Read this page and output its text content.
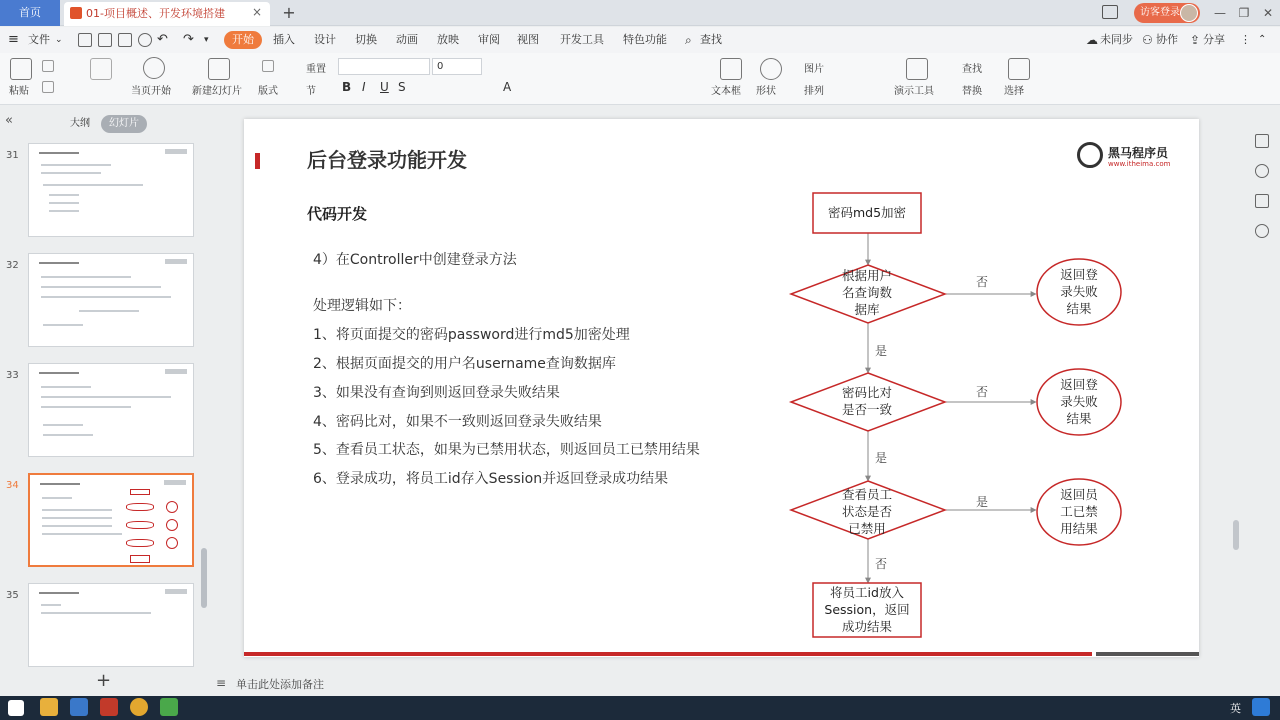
首页	01-项目概述、开发环境搭建	× +	访客登录	—	❐	✕
≡ 文件 ⌄	↶ ↷ ▾	开始	插入 设计 切换 动画 放映 审阅 视图 开发工具 特色功能 ⌕ 查找	☁ 未同步 ⚇ 协作 ⇪ 分享 ⋮ ⌃
粘贴	当页开始 新建幻灯片 版式
重置
节
0
B I U S	A	文本框 形状
图片
排列	演示工具
查找
替换 选择
«	大纲	幻灯片
31
32
33
34
35
后台登录功能开发	黑马程序员
www.itheima.com
代码开发
4）在Controller中创建登录方法
处理逻辑如下：
1、将页面提交的密码password进行md5加密处理
2、根据页面提交的用户名username查询数据库
3、如果没有查询到则返回登录失败结果
4、密码比对，如果不一致则返回登录失败结果
5、查看员工状态，如果为已禁用状态，则返回员工已禁用结果
6、登录成功，将员工id存入Session并返回登录成功结果
密码md5加密
根据用户
名查询数
据库
密码比对
是否一致
查看员工
状态是否
已禁用
返回登
录失败
结果
返回登
录失败
结果
返回员
工已禁
用结果
将员工id放入
Session，返回
成功结果
否
否
是
是
是
否
+	≡ 单击此处添加备注
英
